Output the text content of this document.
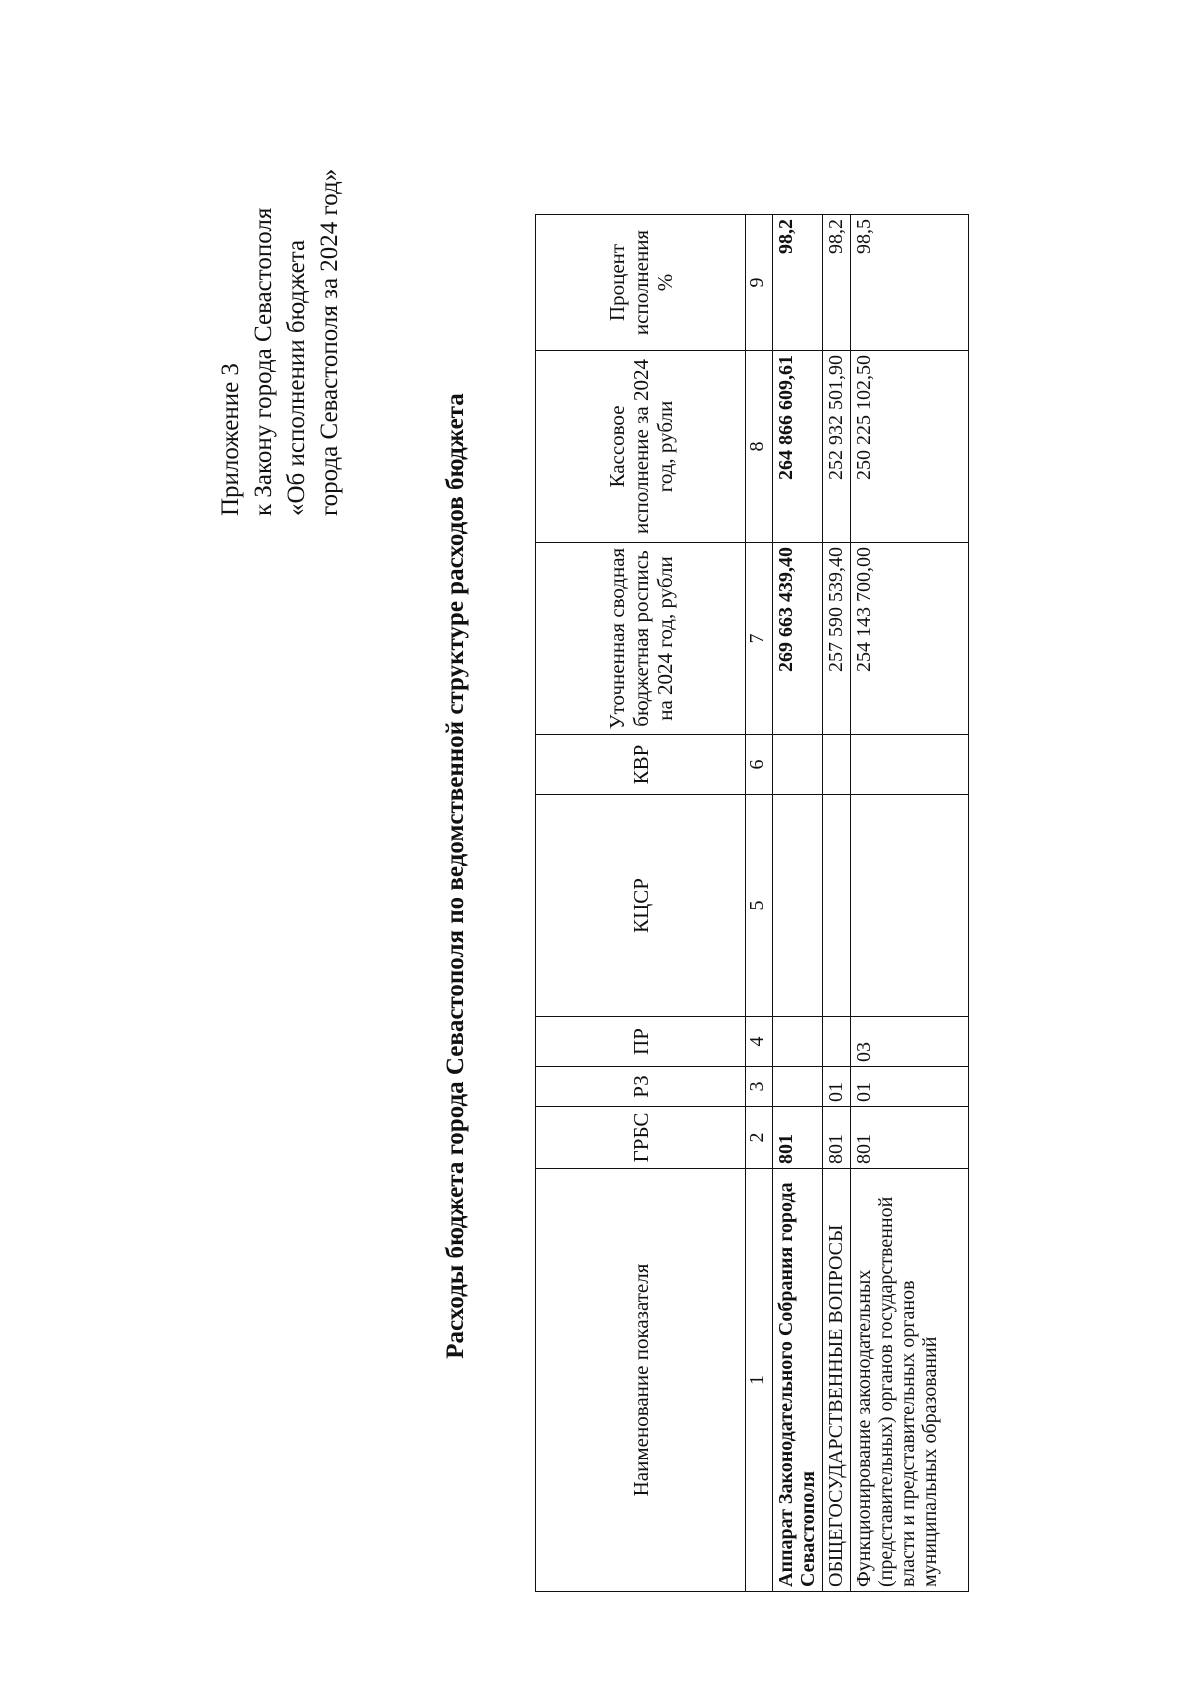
Приложение 3 к Закону города Севастополя «Об исполнении бюджета города Севастополя за 2024 год»
Расходы бюджета города Севастополя по ведомственной структуре расходов бюджета
Наименование показателя	ГРБС	РЗ	ПР	КЦСР	КВР	Уточненная сводная бюджетная роспись на 2024 год, рубли	Кассовое исполнение за 2024 год, рубли	Процент исполнения %
1	2	3	4	5	6	7	8	9
Аппарат Законодательного Собрания города Севастополя	801					269 663 439,40	264 866 609,61	98,2
ОБЩЕГОСУДАРСТВЕННЫЕ ВОПРОСЫ	801	01				257 590 539,40	252 932 501,90	98,2
Функционирование законодательных (представительных) органов государственной власти и представительных органов муниципальных образований	801	01	03			254 143 700,00	250 225 102,50	98,5
